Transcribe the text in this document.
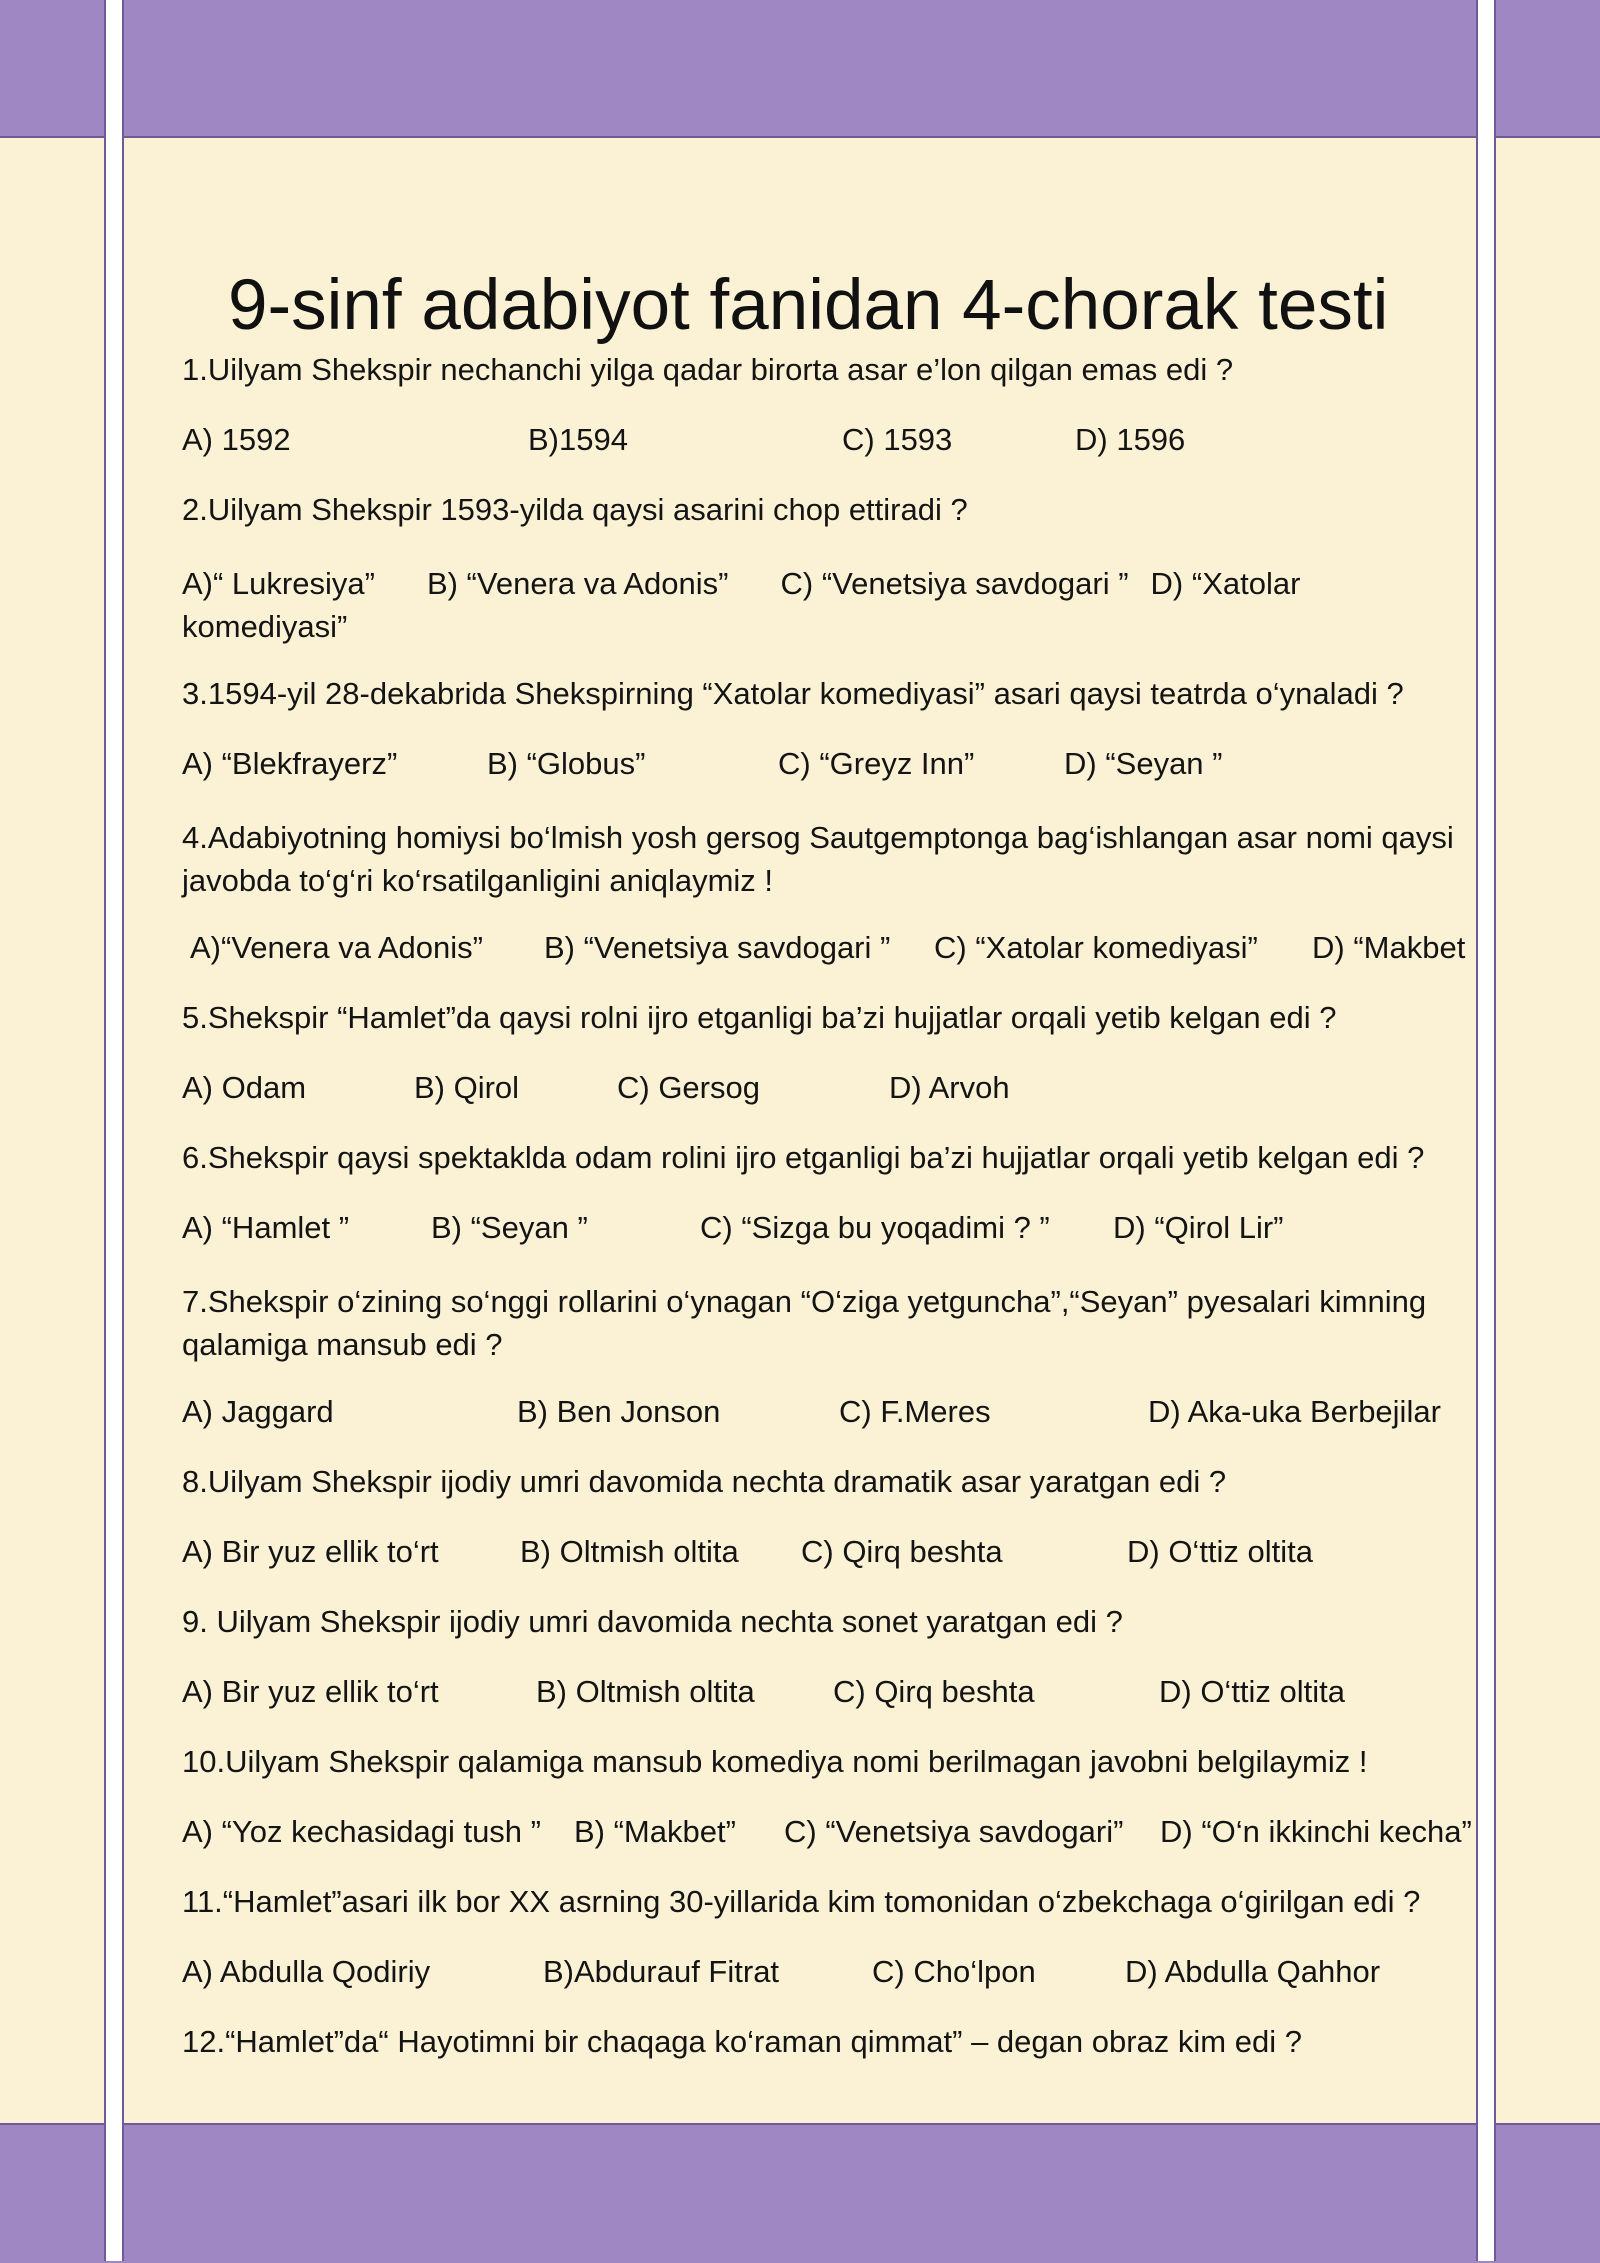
9-sinf adabiyot fanidan 4-chorak testi
1.Uilyam Shekspir nechanchi yilga qadar birorta asar e’lon qilgan emas edi ?
A) 1592	B)1594	C) 1593	D) 1596
2.Uilyam Shekspir 1593-yilda qaysi asarini chop ettiradi ?
A)“ Lukresiya” B) “Venera va Adonis” C) “Venetsiya savdogari ” D) “Xatolar komediyasi”
3.1594-yil 28-dekabrida Shekspirning “Xatolar komediyasi” asari qaysi teatrda o‘ynaladi ?
A) “Blekfrayerz”	B) “Globus”	C) “Greyz Inn”	D) “Seyan ”
4.Adabiyotning homiysi bo‘lmish yosh gersog Sautgemptonga bag‘ishlangan asar nomi qaysi javobda to‘g‘ri ko‘rsatilganligini aniqlaymiz !
A)“Venera va Adonis” B) “Venetsiya savdogari ” C) “Xatolar komediyasi” D) “Makbet
5.Shekspir “Hamlet”da qaysi rolni ijro etganligi ba’zi hujjatlar orqali yetib kelgan edi ?
A) Odam	B) Qirol	C) Gersog	D) Arvoh
6.Shekspir qaysi spektaklda odam rolini ijro etganligi ba’zi hujjatlar orqali yetib kelgan edi ?
A) “Hamlet ”	B) “Seyan ”	C) “Sizga bu yoqadimi ? ” D) “Qirol Lir”
7.Shekspir o‘zining so‘nggi rollarini o‘ynagan “O‘ziga yetguncha”,“Seyan” pyesalari kimning qalamiga mansub edi ?
A) Jaggard	B) Ben Jonson	C) F.Meres	D) Aka-uka Berbejilar
8.Uilyam Shekspir ijodiy umri davomida nechta dramatik asar yaratgan edi ?
A) Bir yuz ellik to‘rt	B) Oltmish oltita C) Qirq beshta	D) O‘ttiz oltita
9. Uilyam Shekspir ijodiy umri davomida nechta sonet yaratgan edi ?
A) Bir yuz ellik to‘rt	B) Oltmish oltita	C) Qirq beshta	D) O‘ttiz oltita
10.Uilyam Shekspir qalamiga mansub komediya nomi berilmagan javobni belgilaymiz !
A) “Yoz kechasidagi tush ” B) “Makbet” C) “Venetsiya savdogari” D) “O‘n ikkinchi kecha”
11.“Hamlet”asari ilk bor XX asrning 30-yillarida kim tomonidan o‘zbekchaga o‘girilgan edi ?
A) Abdulla Qodiriy	B)Abdurauf Fitrat	C) Cho‘lpon	D) Abdulla Qahhor
12.“Hamlet”da“ Hayotimni bir chaqaga ko‘raman qimmat” – degan obraz kim edi ?
